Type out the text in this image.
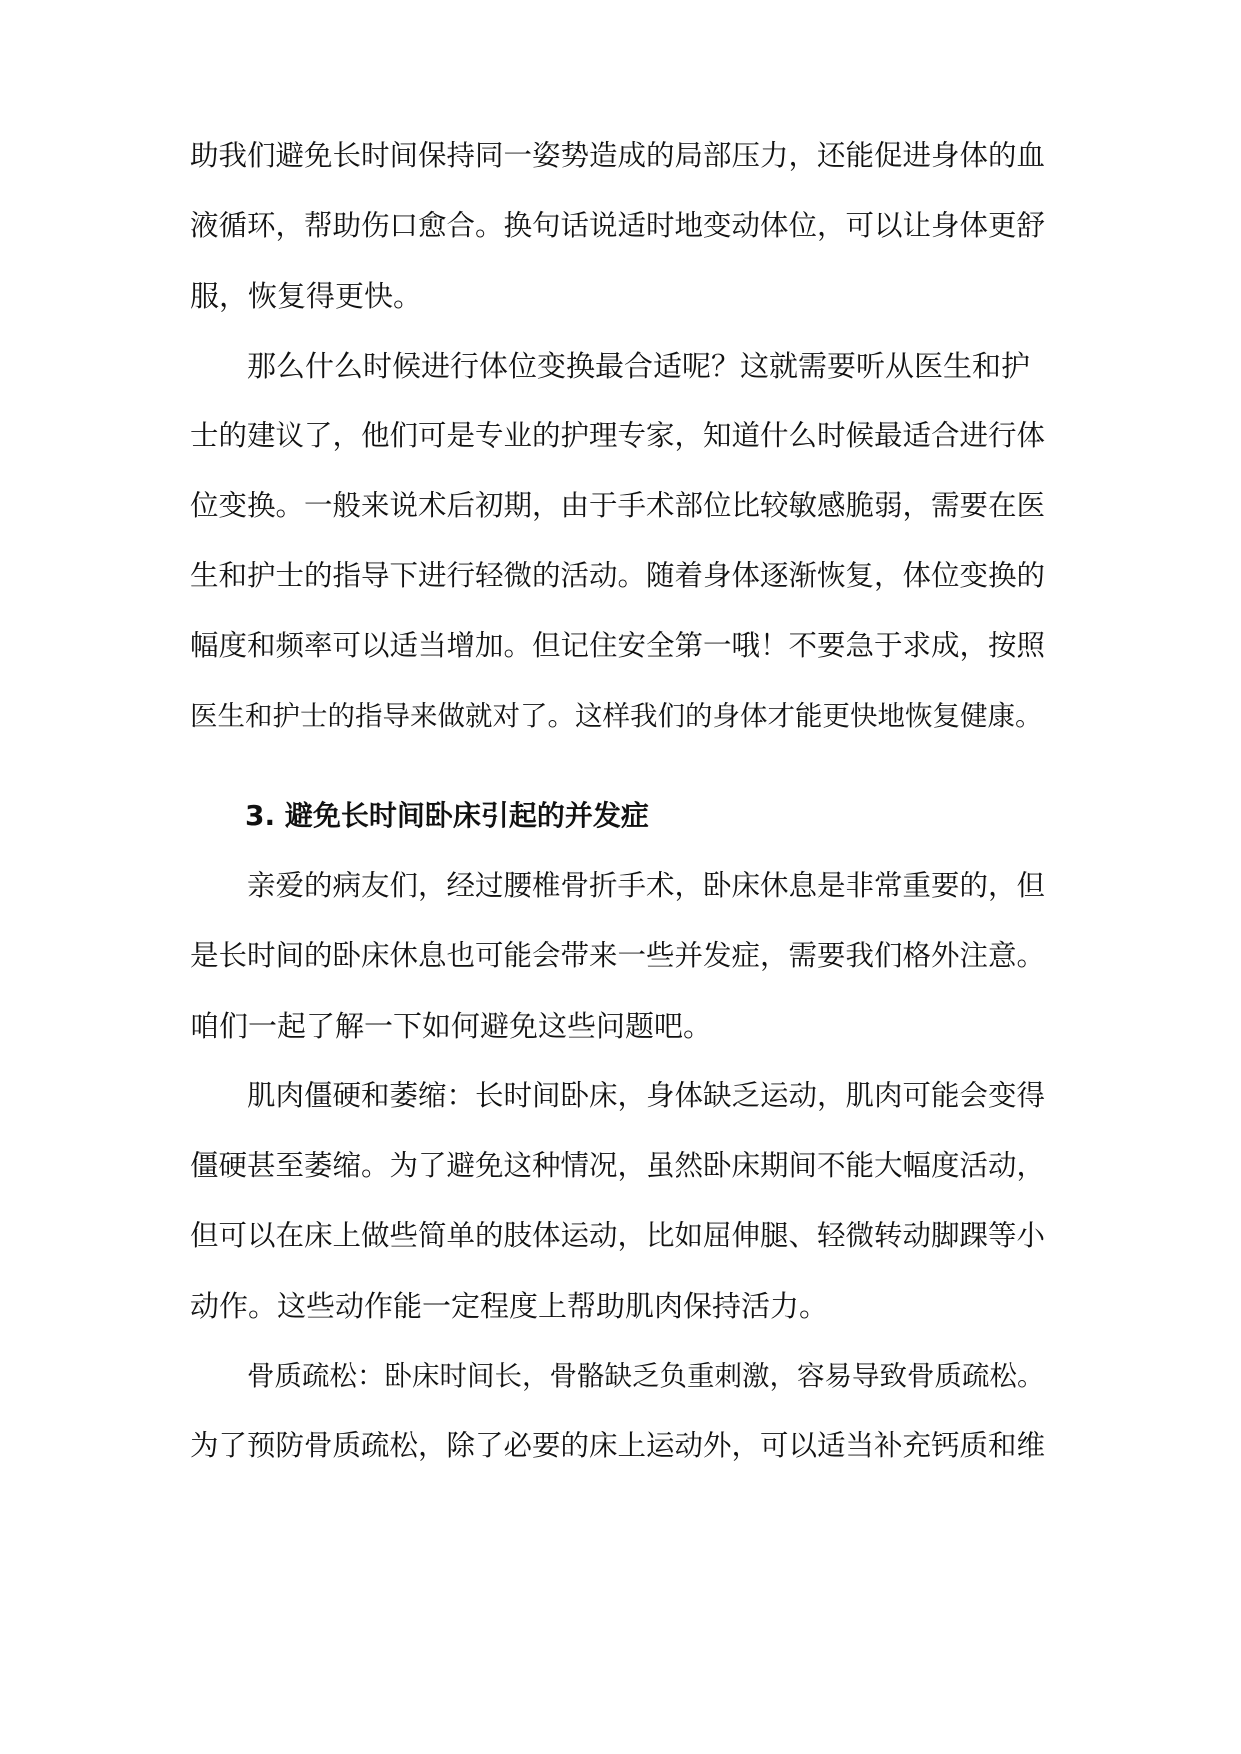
助我们避免长时间保持同一姿势造成的局部压力，还能促进身体的血
液循环，帮助伤口愈合。换句话说适时地变动体位，可以让身体更舒
服，恢复得更快。
那么什么时候进行体位变换最合适呢？这就需要听从医生和护
士的建议了，他们可是专业的护理专家，知道什么时候最适合进行体
位变换。一般来说术后初期，由于手术部位比较敏感脆弱，需要在医
生和护士的指导下进行轻微的活动。随着身体逐渐恢复，体位变换的
幅度和频率可以适当增加。但记住安全第一哦！不要急于求成，按照
医生和护士的指导来做就对了。这样我们的身体才能更快地恢复健康。
3. 避免长时间卧床引起的并发症
亲爱的病友们，经过腰椎骨折手术，卧床休息是非常重要的，但
是长时间的卧床休息也可能会带来一些并发症，需要我们格外注意。
咱们一起了解一下如何避免这些问题吧。
肌肉僵硬和萎缩：长时间卧床，身体缺乏运动，肌肉可能会变得
僵硬甚至萎缩。为了避免这种情况，虽然卧床期间不能大幅度活动，
但可以在床上做些简单的肢体运动，比如屈伸腿、轻微转动脚踝等小
动作。这些动作能一定程度上帮助肌肉保持活力。
骨质疏松：卧床时间长，骨骼缺乏负重刺激，容易导致骨质疏松。
为了预防骨质疏松，除了必要的床上运动外，可以适当补充钙质和维
